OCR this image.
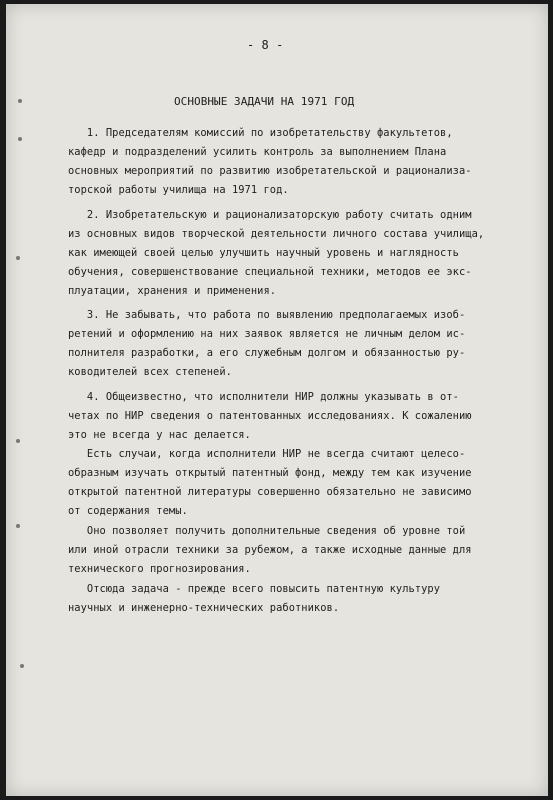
- 8 -
ОСНОВНЫЕ ЗАДАЧИ НА 1971 ГОД
1. Председателям комиссий по изобретательству факультетов,
кафедр и подразделений усилить контроль за выполнением Плана
основных мероприятий по развитию изобретательской и рационализа-
торской работы училища на 1971 год.
2. Изобретательскую и рационализаторскую работу считать одним
из основных видов творческой деятельности личного состава училища,
как имеющей своей целью улучшить научный уровень и наглядность
обучения, совершенствование специальной техники, методов ее экс-
плуатации, хранения и применения.
3. Не забывать, что работа по выявлению предполагаемых изоб-
ретений и оформлению на них заявок является не личным делом ис-
полнителя разработки, а его служебным долгом и обязанностью ру-
ководителей всех степеней.
4. Общеизвестно, что исполнители НИР должны указывать в от-
четах по НИР сведения о патентованных исследованиях. К сожалению
это не всегда у нас делается.
Есть случаи, когда исполнители НИР не всегда считают целесо-
образным изучать открытый патентный фонд, между тем как изучение
открытой патентной литературы совершенно обязательно не зависимо
от содержания темы.
Оно позволяет получить дополнительные сведения об уровне той
или иной отрасли техники за рубежом, а также исходные данные для
технического прогнозирования.
Отсюда задача - прежде всего повысить патентную культуру
научных и инженерно-технических работников.
